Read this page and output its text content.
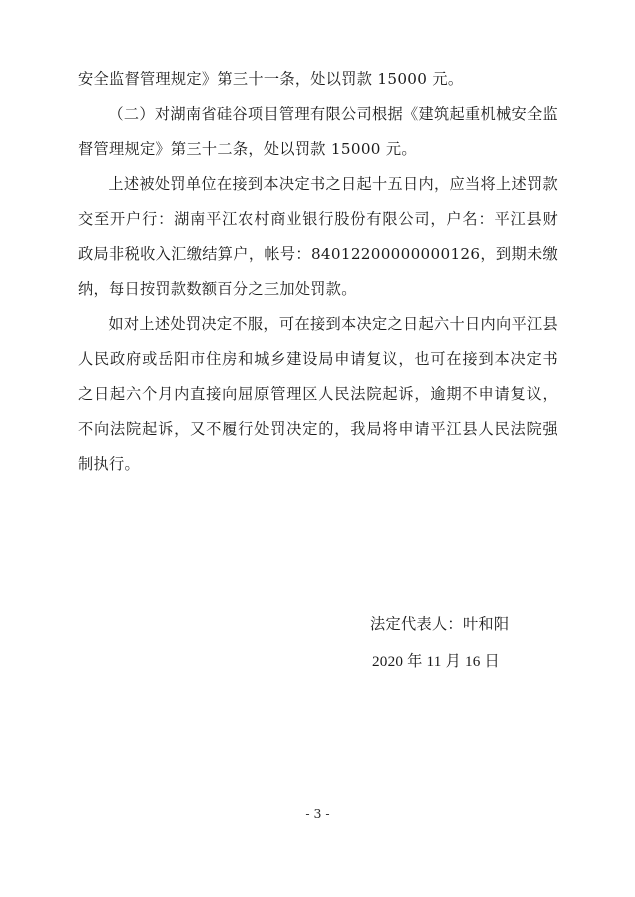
安全监督管理规定》第三十一条，处以罚款 15000 元。

（二）对湖南省硅谷项目管理有限公司根据《建筑起重机械安全监督管理规定》第三十二条，处以罚款 15000 元。

上述被处罚单位在接到本决定书之日起十五日内，应当将上述罚款交至开户行：湖南平江农村商业银行股份有限公司，户名：平江县财政局非税收入汇缴结算户，帐号：84012200000000126，到期未缴纳，每日按罚款数额百分之三加处罚款。

如对上述处罚决定不服，可在接到本决定之日起六十日内向平江县人民政府或岳阳市住房和城乡建设局申请复议，也可在接到本决定书之日起六个月内直接向屈原管理区人民法院起诉，逾期不申请复议，不向法院起诉，又不履行处罚决定的，我局将申请平江县人民法院强制执行。

法定代表人：叶和阳
2020 年 11 月 16 日
- 3 -
